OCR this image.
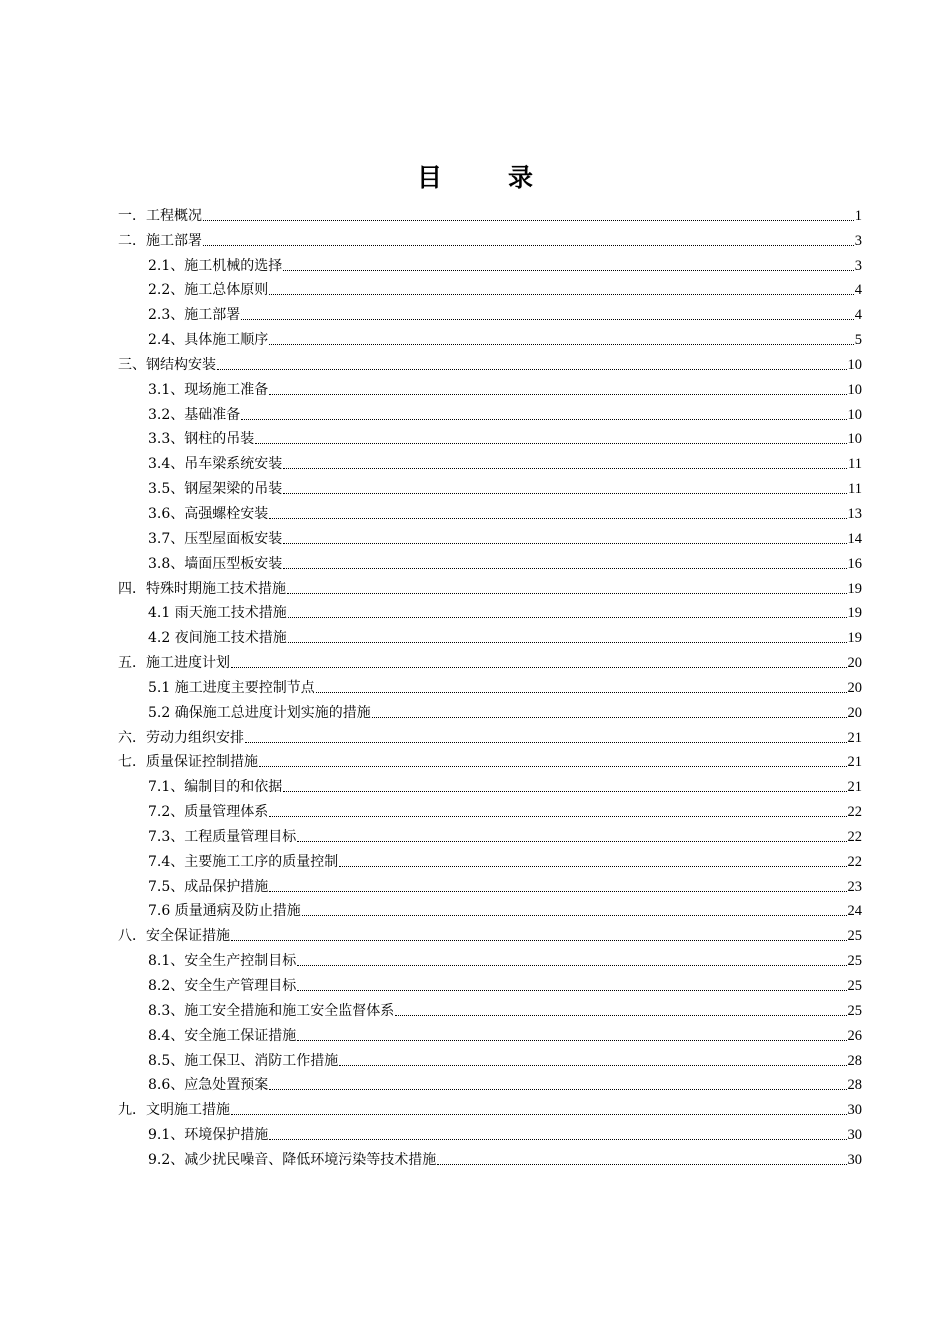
目	录
一．工程概况	1
二．施工部署	3
2.1、施工机械的选择	3
2.2、施工总体原则	4
2.3、施工部署	4
2.4、具体施工顺序	5
三、钢结构安装	10
3.1、现场施工准备	10
3.2、基础准备	10
3.3、钢柱的吊装	10
3.4、吊车梁系统安装	11
3.5、钢屋架梁的吊装	11
3.6、高强螺栓安装	13
3.7、压型屋面板安装	14
3.8、墙面压型板安装	16
四．特殊时期施工技术措施	19
4.1 雨天施工技术措施	19
4.2 夜间施工技术措施	19
五．施工进度计划	20
5.1 施工进度主要控制节点	20
5.2 确保施工总进度计划实施的措施	20
六．劳动力组织安排	21
七．质量保证控制措施	21
7.1、编制目的和依据	21
7.2、质量管理体系	22
7.3、工程质量管理目标	22
7.4、主要施工工序的质量控制	22
7.5、成品保护措施	23
7.6 质量通病及防止措施	24
八．安全保证措施	25
8.1、安全生产控制目标	25
8.2、安全生产管理目标	25
8.3、施工安全措施和施工安全监督体系	25
8.4、安全施工保证措施	26
8.5、施工保卫、消防工作措施	28
8.6、应急处置预案	28
九．文明施工措施	30
9.1、环境保护措施	30
9.2、减少扰民噪音、降低环境污染等技术措施	30
